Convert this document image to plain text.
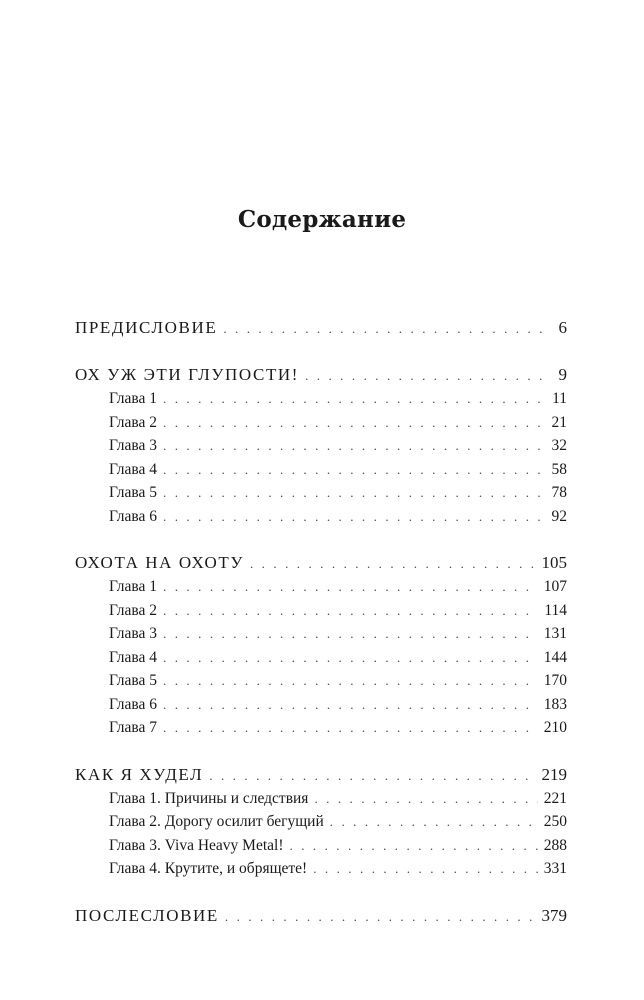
Содержание
ПРЕДИСЛОВИЕ . . .	6
ОХ УЖ ЭТИ ГЛУПОСТИ! . . .	9
Глава 1 . . .	11
Глава 2 . . .	21
Глава 3 . . .	32
Глава 4 . . .	58
Глава 5 . . .	78
Глава 6 . . .	92
ОХОТА НА ОХОТУ . . .	105
Глава 1 . . .	107
Глава 2 . . .	114
Глава 3 . . .	131
Глава 4 . . .	144
Глава 5 . . .	170
Глава 6 . . .	183
Глава 7 . . .	210
КАК Я ХУДЕЛ . . .	219
Глава 1. Причины и следствия . . .	221
Глава 2. Дорогу осилит бегущий . . .	250
Глава 3. Viva Heavy Metal! . . .	288
Глава 4. Крутите, и обрящете! . . .	331
ПОСЛЕСЛОВИЕ . . .	379
